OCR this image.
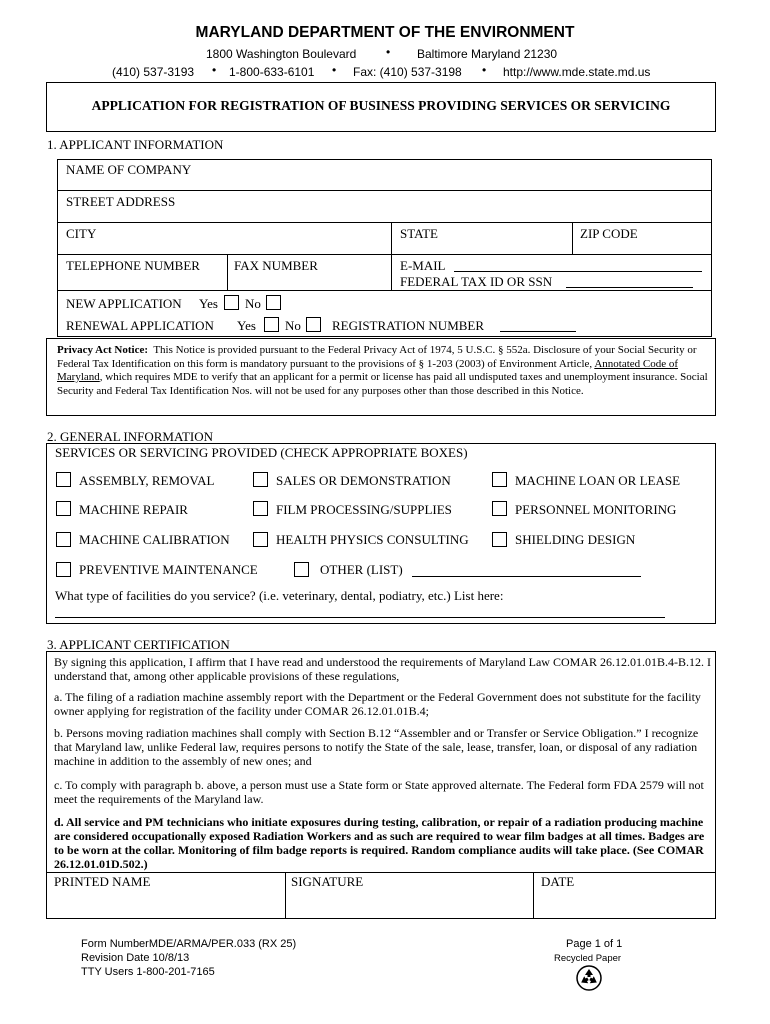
MARYLAND DEPARTMENT OF THE ENVIRONMENT
1800 Washington Boulevard • Baltimore Maryland 21230
(410) 537-3193 • 1-800-633-6101 • Fax: (410) 537-3198 • http://www.mde.state.md.us
APPLICATION FOR REGISTRATION OF BUSINESS PROVIDING SERVICES OR SERVICING
1. APPLICANT INFORMATION
NAME OF COMPANY
STREET ADDRESS
CITY	STATE	ZIP CODE
TELEPHONE NUMBER	FAX NUMBER	E-MAIL
FEDERAL TAX ID OR SSN
NEW APPLICATION Yes No
RENEWAL APPLICATION Yes No REGISTRATION NUMBER
Privacy Act Notice: This Notice is provided pursuant to the Federal Privacy Act of 1974, 5 U.S.C. § 552a. Disclosure of your Social Security or Federal Tax Identification on this form is mandatory pursuant to the provisions of § 1-203 (2003) of Environment Article, Annotated Code of Maryland, which requires MDE to verify that an applicant for a permit or license has paid all undisputed taxes and unemployment insurance. Social Security and Federal Tax Identification Nos. will not be used for any purposes other than those described in this Notice.
2. GENERAL INFORMATION
SERVICES OR SERVICING PROVIDED (CHECK APPROPRIATE BOXES)
ASSEMBLY, REMOVAL	SALES OR DEMONSTRATION	MACHINE LOAN OR LEASE
MACHINE REPAIR	FILM PROCESSING/SUPPLIES	PERSONNEL MONITORING
MACHINE CALIBRATION	HEALTH PHYSICS CONSULTING	SHIELDING DESIGN
PREVENTIVE MAINTENANCE	OTHER (LIST)
What type of facilities do you service? (i.e. veterinary, dental, podiatry, etc.) List here:
3. APPLICANT CERTIFICATION
By signing this application, I affirm that I have read and understood the requirements of Maryland Law COMAR 26.12.01.01B.4-B.12. I understand that, among other applicable provisions of these regulations,
a. The filing of a radiation machine assembly report with the Department or the Federal Government does not substitute for the facility owner applying for registration of the facility under COMAR 26.12.01.01B.4;
b. Persons moving radiation machines shall comply with Section B.12 “Assembler and or Transfer or Service Obligation.” I recognize that Maryland law, unlike Federal law, requires persons to notify the State of the sale, lease, transfer, loan, or disposal of any radiation machine in addition to the assembly of new ones; and
c. To comply with paragraph b. above, a person must use a State form or State approved alternate. The Federal form FDA 2579 will not meet the requirements of the Maryland law.
d. All service and PM technicians who initiate exposures during testing, calibration, or repair of a radiation producing machine are considered occupationally exposed Radiation Workers and as such are required to wear film badges at all times. Badges are to be worn at the collar. Monitoring of film badge reports is required. Random compliance audits will take place. (See COMAR 26.12.01.01D.502.)
PRINTED NAME	SIGNATURE	DATE
Form NumberMDE/ARMA/PER.033 (RX 25)
Revision Date 10/8/13
TTY Users 1-800-201-7165
Page 1 of 1
Recycled Paper
